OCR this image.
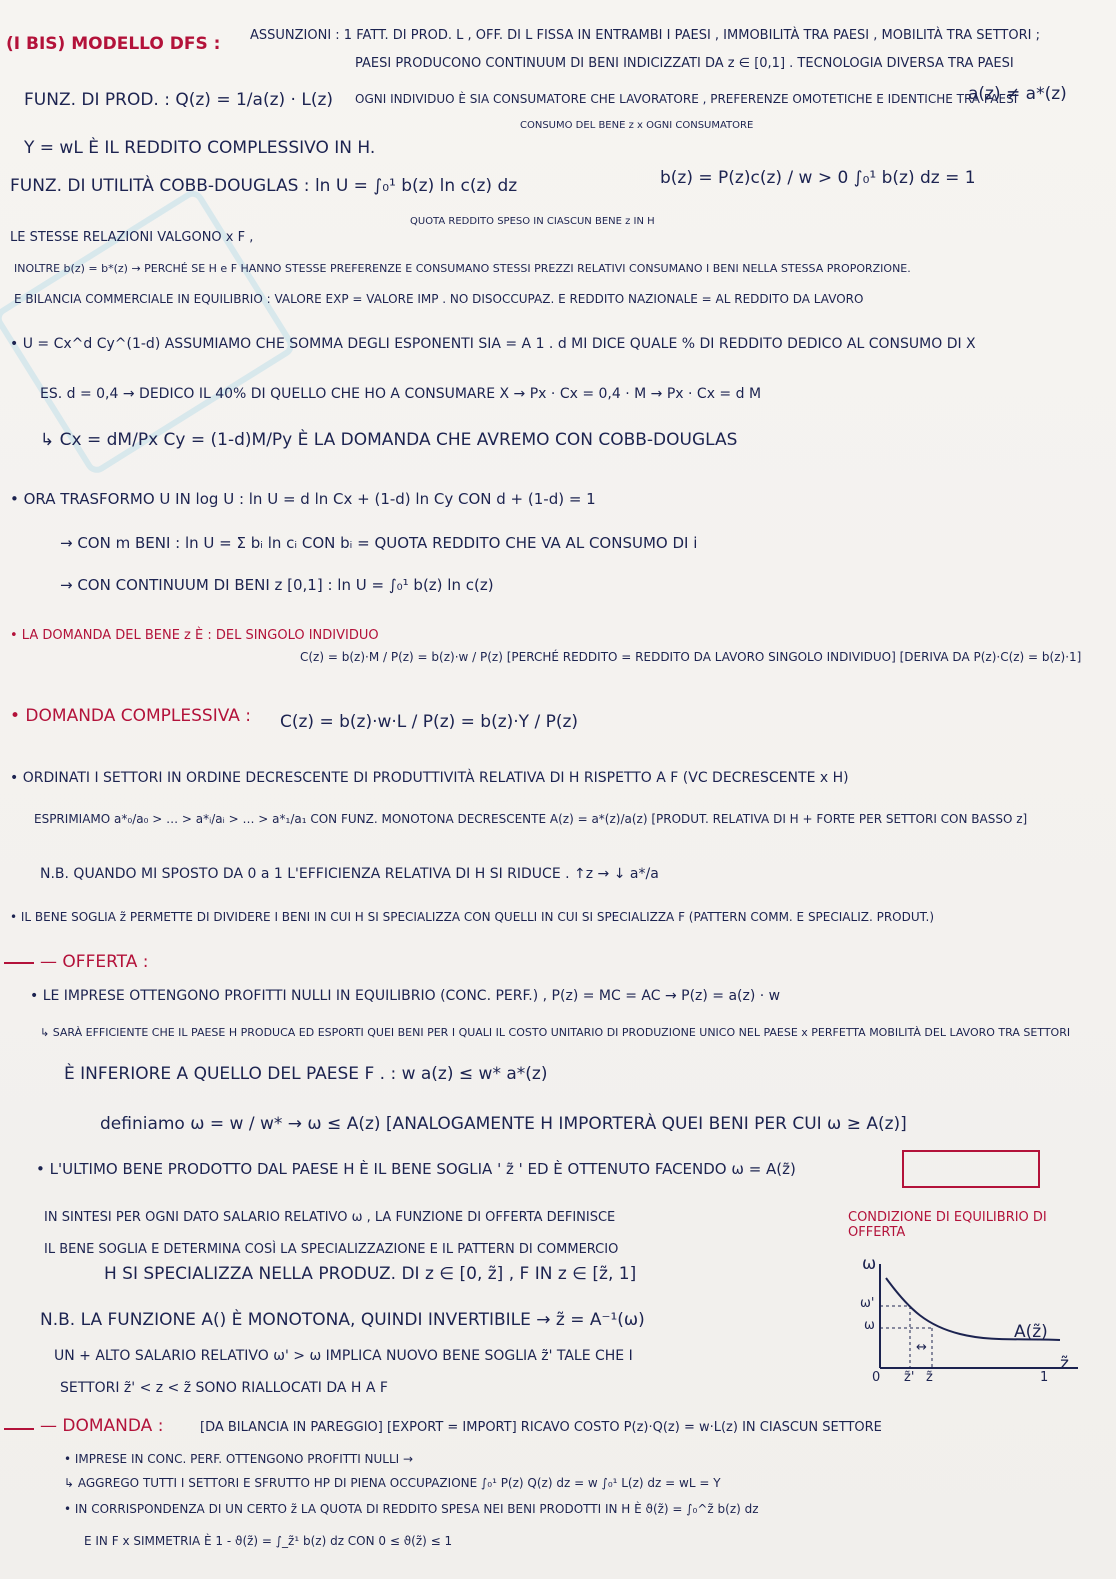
(I BIS) MODELLO DFS : ASSUNZIONI : 1 FATT. DI PROD. L , OFF. DI L FISSA IN ENTRAMBI I PAESI , IMMOBILITÀ TRA PAESI , MOBILITÀ TRA SETTORI ;
PAESI PRODUCONO CONTINUUM DI BENI INDICIZZATI DA z ∈ [0,1] . TECNOLOGIA DIVERSA TRA PAESI
FUNZ. DI PROD. : Q(z) = 1/a(z) · L(z) OGNI INDIVIDUO È SIA CONSUMATORE CHE LAVORATORE , PREFERENZE OMOTETICHE E IDENTICHE TRA PAESI
a(z) ≠ a*(z)
CONSUMO DEL BENE z x OGNI CONSUMATORE
Y = wL È IL REDDITO COMPLESSIVO IN H.
FUNZ. DI UTILITÀ COBB-DOUGLAS : ln U = ∫₀¹ b(z) ln c(z) dz	b(z) = P(z)c(z) / w > 0 ∫₀¹ b(z) dz = 1
QUOTA REDDITO SPESO IN CIASCUN BENE z IN H
LE STESSE RELAZIONI VALGONO x F ,
INOLTRE b(z) = b*(z) → PERCHÉ SE H e F HANNO STESSE PREFERENZE E CONSUMANO STESSI PREZZI RELATIVI CONSUMANO I BENI NELLA STESSA PROPORZIONE.
E BILANCIA COMMERCIALE IN EQUILIBRIO : VALORE EXP = VALORE IMP . NO DISOCCUPAZ. E REDDITO NAZIONALE = AL REDDITO DA LAVORO
• U = Cx^d Cy^(1-d) ASSUMIAMO CHE SOMMA DEGLI ESPONENTI SIA = A 1 . d MI DICE QUALE % DI REDDITO DEDICO AL CONSUMO DI X
ES. d = 0,4 → DEDICO IL 40% DI QUELLO CHE HO A CONSUMARE X → Px · Cx = 0,4 · M → Px · Cx = d M
↳ Cx = dM/Px Cy = (1-d)M/Py È LA DOMANDA CHE AVREMO CON COBB-DOUGLAS
• ORA TRASFORMO U IN log U : ln U = d ln Cx + (1-d) ln Cy CON d + (1-d) = 1
→ CON m BENI : ln U = Σ bᵢ ln cᵢ CON bᵢ = QUOTA REDDITO CHE VA AL CONSUMO DI i
→ CON CONTINUUM DI BENI z [0,1] : ln U = ∫₀¹ b(z) ln c(z)
• LA DOMANDA DEL BENE z È : DEL SINGOLO INDIVIDUO
C(z) = b(z)·M / P(z) = b(z)·w / P(z) [PERCHÉ REDDITO = REDDITO DA LAVORO SINGOLO INDIVIDUO] [DERIVA DA P(z)·C(z) = b(z)·1]
• DOMANDA COMPLESSIVA : C(z) = b(z)·w·L / P(z) = b(z)·Y / P(z)
• ORDINATI I SETTORI IN ORDINE DECRESCENTE DI PRODUTTIVITÀ RELATIVA DI H RISPETTO A F (VC DECRESCENTE x H)
ESPRIMIAMO a*₀/a₀ > … > a*ᵢ/aᵢ > … > a*₁/a₁ CON FUNZ. MONOTONA DECRESCENTE A(z) = a*(z)/a(z) [PRODUT. RELATIVA DI H + FORTE PER SETTORI CON BASSO z]
N.B. QUANDO MI SPOSTO DA 0 a 1 L'EFFICIENZA RELATIVA DI H SI RIDUCE . ↑z → ↓ a*/a
• IL BENE SOGLIA z̃ PERMETTE DI DIVIDERE I BENI IN CUI H SI SPECIALIZZA CON QUELLI IN CUI SI SPECIALIZZA F (PATTERN COMM. E SPECIALIZ. PRODUT.)
— OFFERTA :
• LE IMPRESE OTTENGONO PROFITTI NULLI IN EQUILIBRIO (CONC. PERF.) , P(z) = MC = AC → P(z) = a(z) · w
↳ SARÀ EFFICIENTE CHE IL PAESE H PRODUCA ED ESPORTI QUEI BENI PER I QUALI IL COSTO UNITARIO DI PRODUZIONE UNICO NEL PAESE x PERFETTA MOBILITÀ DEL LAVORO TRA SETTORI
È INFERIORE A QUELLO DEL PAESE F . : w a(z) ≤ w* a*(z)
definiamo ω = w / w* → ω ≤ A(z) [ANALOGAMENTE H IMPORTERÀ QUEI BENI PER CUI ω ≥ A(z)]
• L'ULTIMO BENE PRODOTTO DAL PAESE H È IL BENE SOGLIA ' z̃ ' ED È OTTENUTO FACENDO ω = A(z̃)
IN SINTESI PER OGNI DATO SALARIO RELATIVO ω , LA FUNZIONE DI OFFERTA DEFINISCE
IL BENE SOGLIA E DETERMINA COSÌ LA SPECIALIZZAZIONE E IL PATTERN DI COMMERCIO
CONDIZIONE DI EQUILIBRIO DI OFFERTA
H SI SPECIALIZZA NELLA PRODUZ. DI z ∈ [0, z̃] , F IN z ∈ [z̃, 1]
N.B. LA FUNZIONE A() È MONOTONA, QUINDI INVERTIBILE → z̃ = A⁻¹(ω)
UN + ALTO SALARIO RELATIVO ω' > ω IMPLICA NUOVO BENE SOGLIA z̃' TALE CHE I
SETTORI z̃' < z < z̃ SONO RIALLOCATI DA H A F
— DOMANDA :	[DA BILANCIA IN PAREGGIO] [EXPORT = IMPORT] RICAVO COSTO P(z)·Q(z) = w·L(z) IN CIASCUN SETTORE
• IMPRESE IN CONC. PERF. OTTENGONO PROFITTI NULLI →
↳ AGGREGO TUTTI I SETTORI E SFRUTTO HP DI PIENA OCCUPAZIONE ∫₀¹ P(z) Q(z) dz = w ∫₀¹ L(z) dz = wL = Y
• IN CORRISPONDENZA DI UN CERTO z̃ LA QUOTA DI REDDITO SPESA NEI BENI PRODOTTI IN H È ϑ(z̃) = ∫₀^z̃ b(z) dz
E IN F x SIMMETRIA È 1 - ϑ(z̃) = ∫_z̃¹ b(z) dz CON 0 ≤ ϑ(z̃) ≤ 1
ω
ω'
ω
z̃
0 z̃' z̃	1
A(z̃)
↔
